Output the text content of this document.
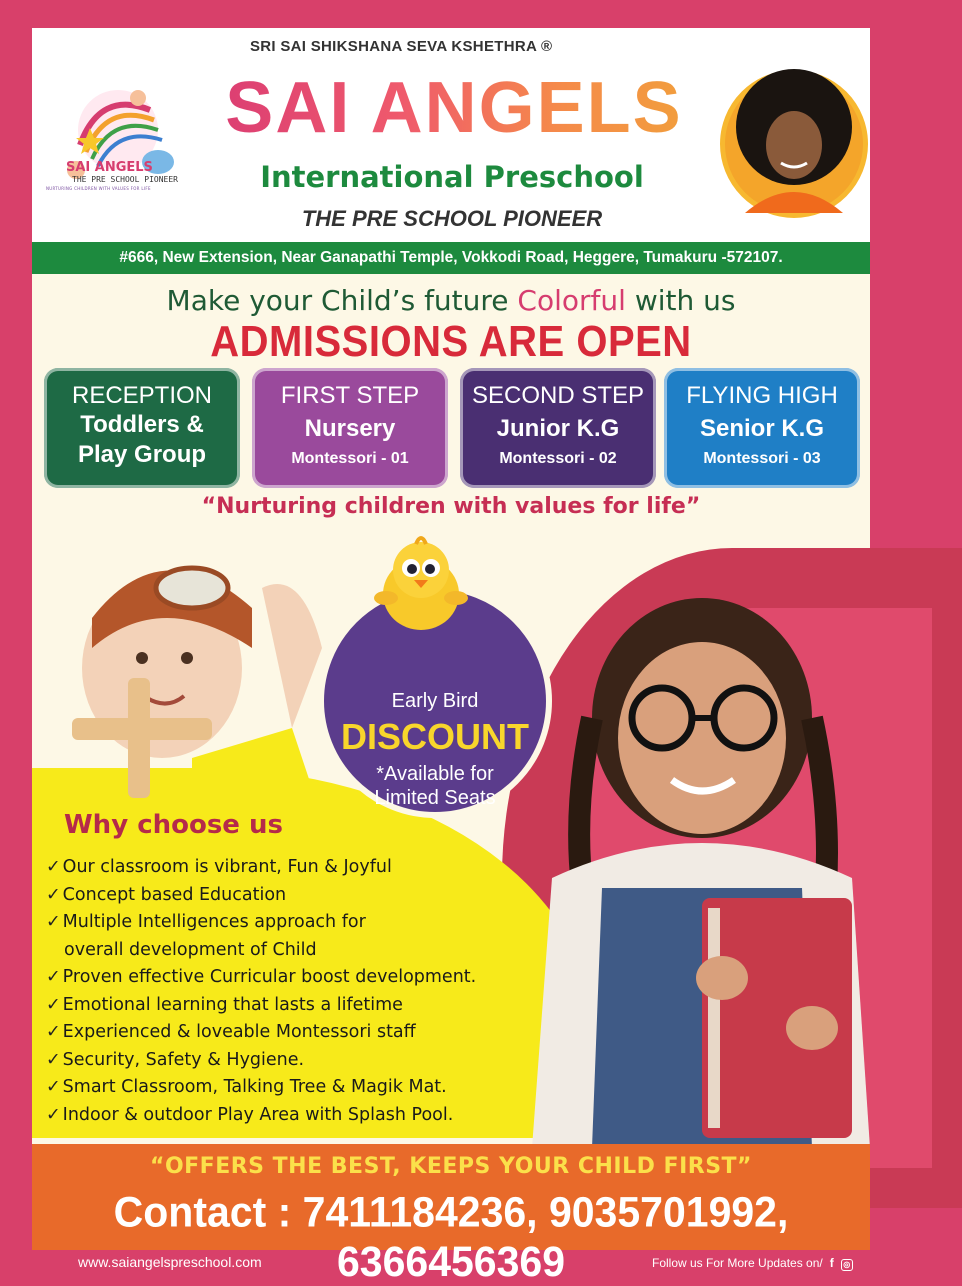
SAI ANGELS
THE PRE SCHOOL PIONEER
NURTURING CHILDREN WITH VALUES FOR LIFE
SRI SAI SHIKSHANA SEVA KSHETHRA ®
SAI ANGELS
International Preschool
THE PRE SCHOOL PIONEER
#666, New Extension, Near Ganapathi Temple, Vokkodi Road, Heggere, Tumakuru -572107.
Make your Child’s future Colorful with us
ADMISSIONS ARE OPEN
RECEPTION
Toddlers &
Play Group
FIRST STEP
Nursery
Montessori - 01
SECOND STEP
Junior K.G
Montessori - 02
FLYING HIGH
Senior K.G
Montessori - 03
“Nurturing children with values for life”
Early Bird
DISCOUNT
*Available for
Limited Seats
Why choose us
✓ Our classroom is vibrant, Fun & Joyful
✓ Concept based Education
✓ Multiple Intelligences approach for
overall development of Child
✓ Proven effective Curricular boost development.
✓ Emotional learning that lasts a lifetime
✓ Experienced & loveable Montessori staff
✓ Security, Safety & Hygiene.
✓ Smart Classroom, Talking Tree & Magik Mat.
✓ Indoor & outdoor Play Area with Splash Pool.
“OFFERS THE BEST, KEEPS YOUR CHILD FIRST”
Contact : 7411184236, 9035701992, 6366456369
www.saiangelspreschool.com	Follow us For More Updates on/ f ◎
